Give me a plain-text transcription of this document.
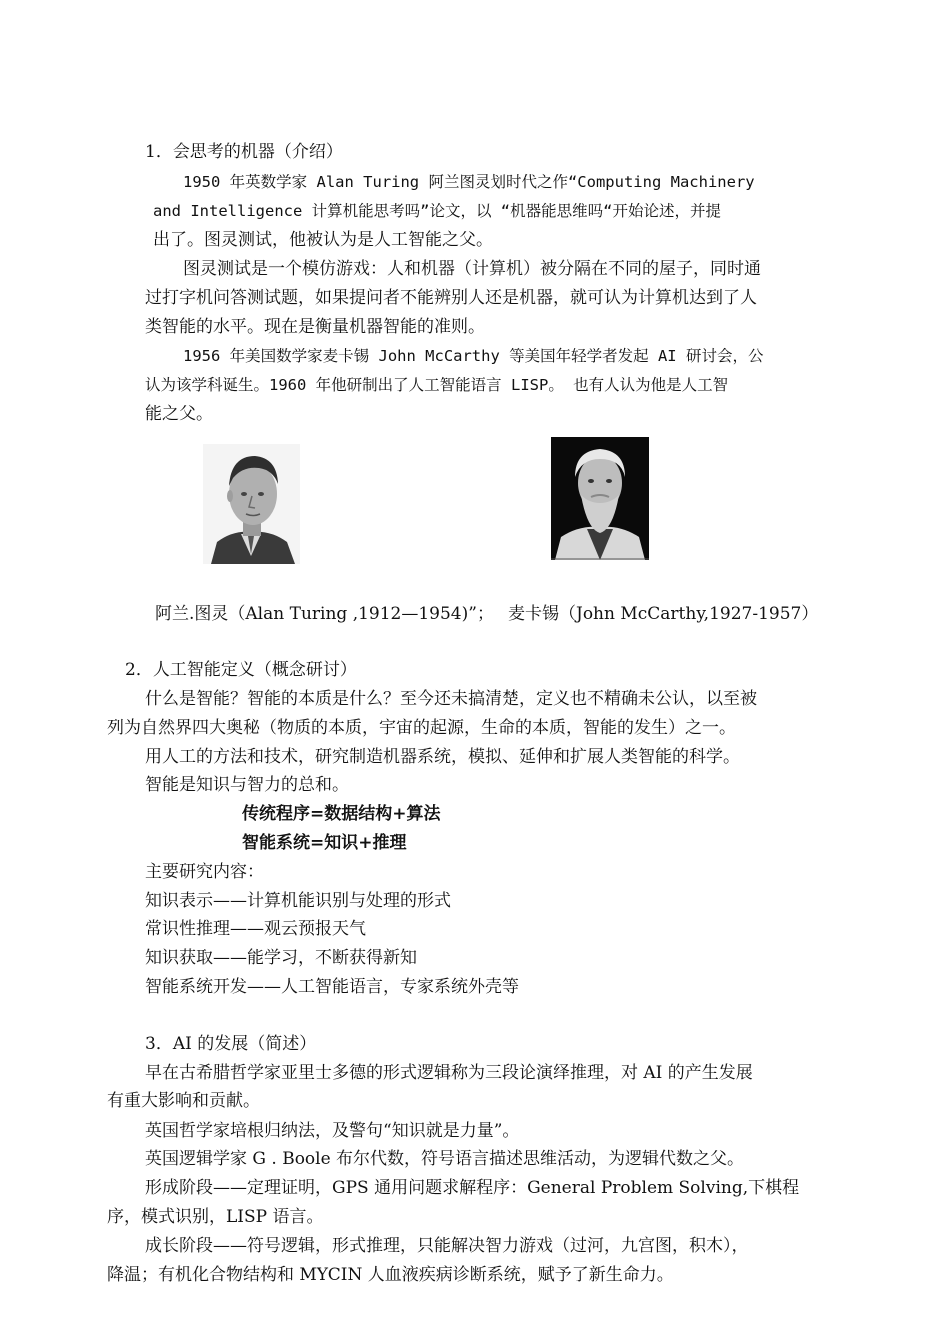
1．会思考的机器（介绍）
1950 年英数学家 Alan Turing 阿兰图灵划时代之作“Computing Machinery
and Intelligence 计算机能思考吗”论文，以 “机器能思维吗“开始论述，并提
出了。图灵测试，他被认为是人工智能之父。
图灵测试是一个模仿游戏：人和机器（计算机）被分隔在不同的屋子，同时通
过打字机问答测试题，如果提问者不能辨别人还是机器，就可认为计算机达到了人
类智能的水平。现在是衡量机器智能的准则。
1956 年美国数学家麦卡锡 John McCarthy 等美国年轻学者发起 AI 研讨会，公
认为该学科诞生。1960 年他研制出了人工智能语言 LISP。 也有人认为他是人工智
能之父。
阿兰.图灵（Alan Turing ,1912—1954)”； 麦卡锡（John McCarthy,1927-1957）
2．人工智能定义（概念研讨）
什么是智能？智能的本质是什么？至今还未搞清楚，定义也不精确未公认，以至被
列为自然界四大奥秘（物质的本质，宇宙的起源，生命的本质，智能的发生）之一。
用人工的方法和技术，研究制造机器系统，模拟、延伸和扩展人类智能的科学。
智能是知识与智力的总和。
传统程序=数据结构+算法
智能系统=知识+推理
主要研究内容：
知识表示——计算机能识别与处理的形式
常识性推理——观云预报天气
知识获取——能学习，不断获得新知
智能系统开发——人工智能语言，专家系统外壳等
3．AI 的发展（简述）
早在古希腊哲学家亚里士多德的形式逻辑称为三段论演绎推理，对 AI 的产生发展
有重大影响和贡献。
英国哲学家培根归纳法，及警句“知识就是力量”。
英国逻辑学家 G . Boole 布尔代数，符号语言描述思维活动，为逻辑代数之父。
形成阶段——定理证明，GPS 通用问题求解程序：General Problem Solving,下棋程
序，模式识别，LISP 语言。
成长阶段——符号逻辑，形式推理，只能解决智力游戏（过河，九宫图，积木），
降温；有机化合物结构和 MYCIN 人血液疾病诊断系统，赋予了新生命力。
